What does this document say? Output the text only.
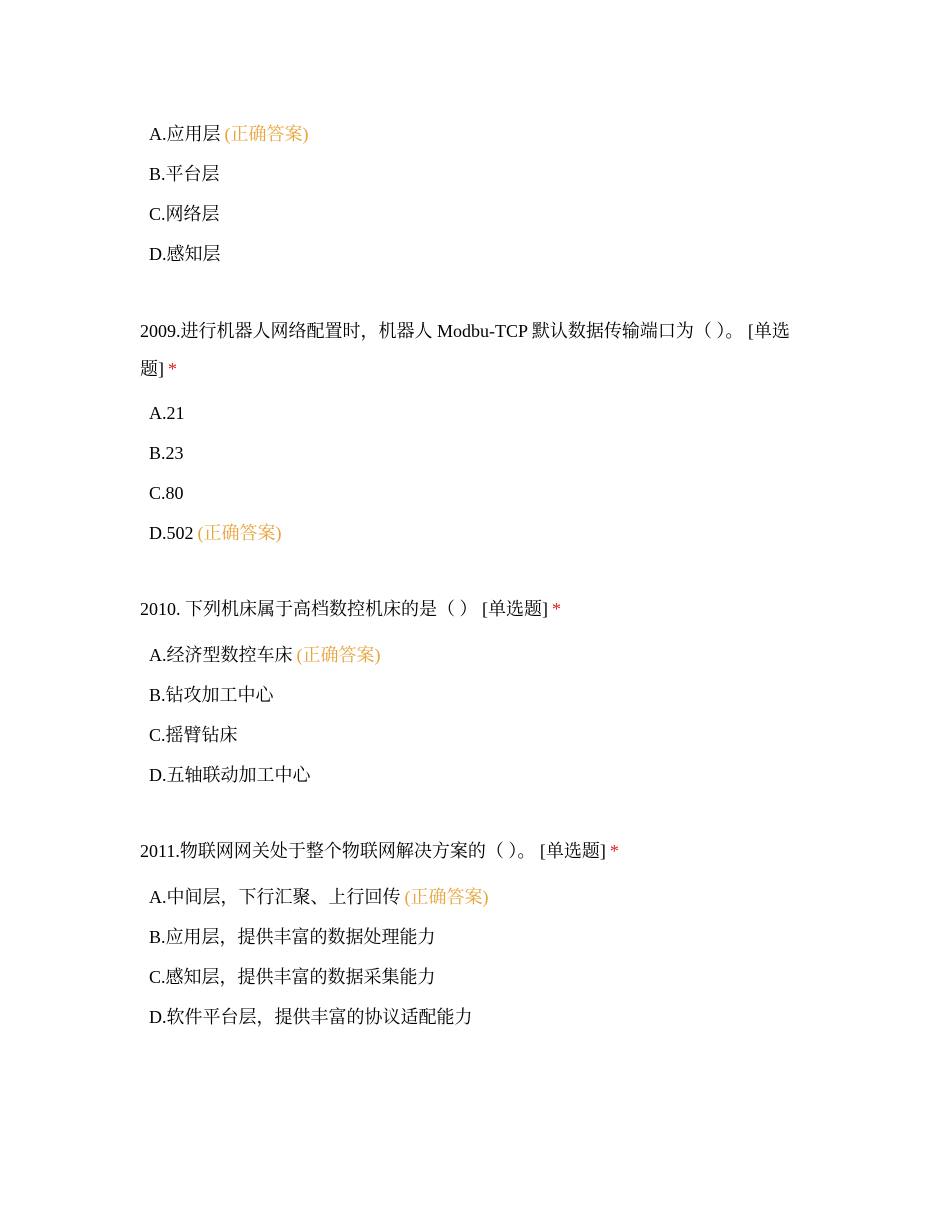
A.应用层 (正确答案)
B.平台层
C.网络层
D.感知层
2009.进行机器人网络配置时，机器人 Modbu-TCP 默认数据传输端口为（ ）。 [单选题] *
A.21
B.23
C.80
D.502 (正确答案)
2010. 下列机床属于高档数控机床的是（ ） [单选题] *
A.经济型数控车床 (正确答案)
B.钻攻加工中心
C.摇臂钻床
D.五轴联动加工中心
2011.物联网网关处于整个物联网解决方案的（ ）。 [单选题] *
A.中间层，下行汇聚、上行回传 (正确答案)
B.应用层，提供丰富的数据处理能力
C.感知层，提供丰富的数据采集能力
D.软件平台层，提供丰富的协议适配能力
